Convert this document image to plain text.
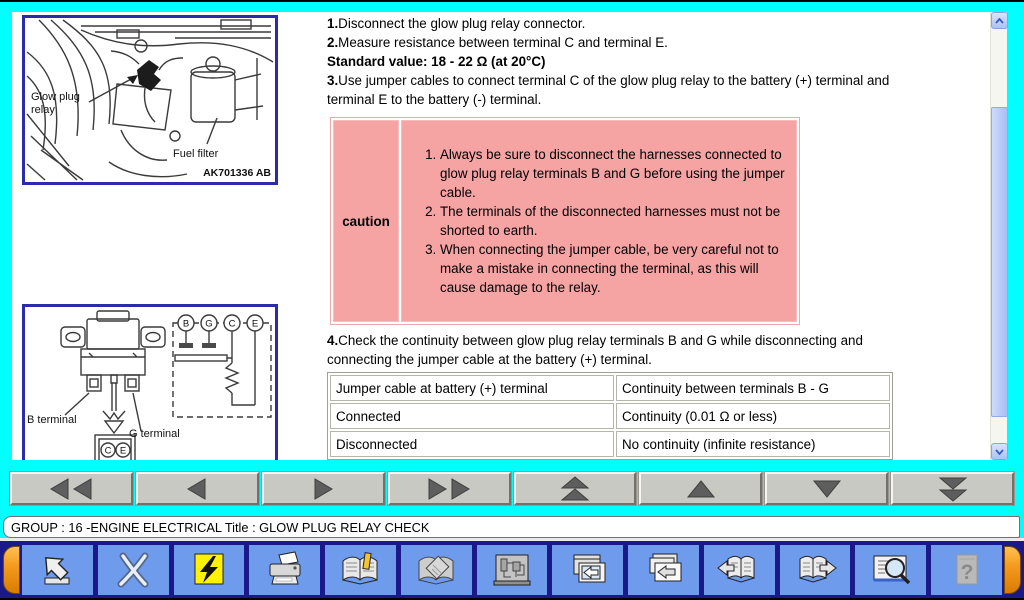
Glow plug
relay
Fuel filter
AK701336 AB
C E
B terminal
G terminal
B G C E

1.Disconnect the glow plug relay connector.

2.Measure resistance between terminal C and terminal E.

Standard value: 18 - 22 Ω (at 20°C)

3.Use jumper cables to connect terminal C of the glow plug relay to the battery (+) terminal and terminal E to the battery (-) terminal.

caution	
1. Always be sure to disconnect the harnesses connected to glow plug relay terminals B and G before using the jumper cable.
2. The terminals of the disconnected harnesses must not be shorted to earth.
3. When connecting the jumper cable, be very careful not to make a mistake in connecting the terminal, as this will cause damage to the relay.

4.Check the continuity between glow plug relay terminals B and G while disconnecting and connecting the jumper cable at the battery (+) terminal.

Jumper cable at battery (+) terminal	Continuity between terminals B - G
Connected	Continuity (0.01 Ω or less)
Disconnected	No continuity (infinite resistance)
GROUP : 16 -ENGINE ELECTRICAL Title : GLOW PLUG RELAY CHECK
?
